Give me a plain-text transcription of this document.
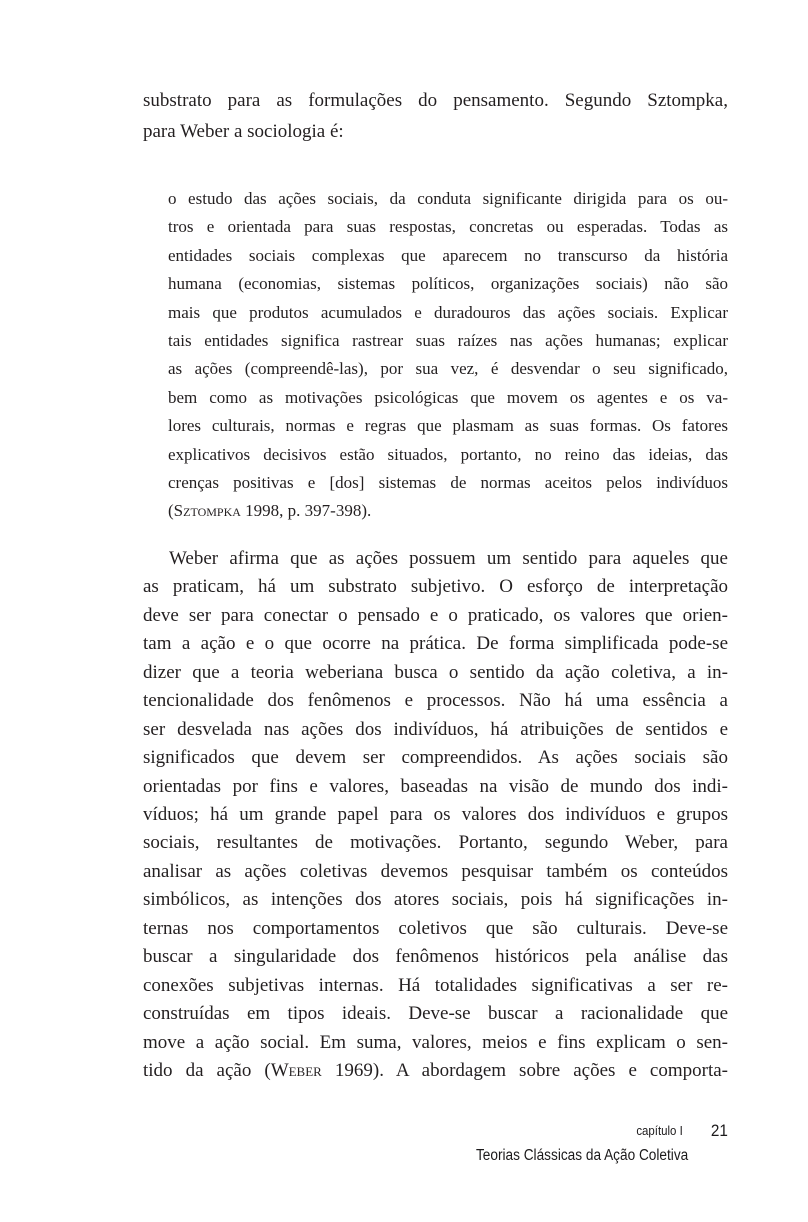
substrato para as formulações do pensamento. Segundo Sztompka,
para Weber a sociologia é:
o estudo das ações sociais, da conduta significante dirigida para os ou-
tros e orientada para suas respostas, concretas ou esperadas. Todas as
entidades sociais complexas que aparecem no transcurso da história
humana (economias, sistemas políticos, organizações sociais) não são
mais que produtos acumulados e duradouros das ações sociais. Explicar
tais entidades significa rastrear suas raízes nas ações humanas; explicar
as ações (compreendê-las), por sua vez, é desvendar o seu significado,
bem como as motivações psicológicas que movem os agentes e os va-
lores culturais, normas e regras que plasmam as suas formas. Os fatores
explicativos decisivos estão situados, portanto, no reino das ideias, das
crenças positivas e [dos] sistemas de normas aceitos pelos indivíduos
(Sztompka 1998, p. 397-398).
Weber afirma que as ações possuem um sentido para aqueles que
as praticam, há um substrato subjetivo. O esforço de interpretação
deve ser para conectar o pensado e o praticado, os valores que orien-
tam a ação e o que ocorre na prática. De forma simplificada pode-se
dizer que a teoria weberiana busca o sentido da ação coletiva, a in-
tencionalidade dos fenômenos e processos. Não há uma essência a
ser desvelada nas ações dos indivíduos, há atribuições de sentidos e
significados que devem ser compreendidos. As ações sociais são
orientadas por fins e valores, baseadas na visão de mundo dos indi-
víduos; há um grande papel para os valores dos indivíduos e grupos
sociais, resultantes de motivações. Portanto, segundo Weber, para
analisar as ações coletivas devemos pesquisar também os conteúdos
simbólicos, as intenções dos atores sociais, pois há significações in-
ternas nos comportamentos coletivos que são culturais. Deve-se
buscar a singularidade dos fenômenos históricos pela análise das
conexões subjetivas internas. Há totalidades significativas a ser re-
construídas em tipos ideais. Deve-se buscar a racionalidade que
move a ação social. Em suma, valores, meios e fins explicam o sen-
tido da ação (Weber 1969). A abordagem sobre ações e comporta-
capítulo I 21
Teorias Clássicas da Ação Coletiva
